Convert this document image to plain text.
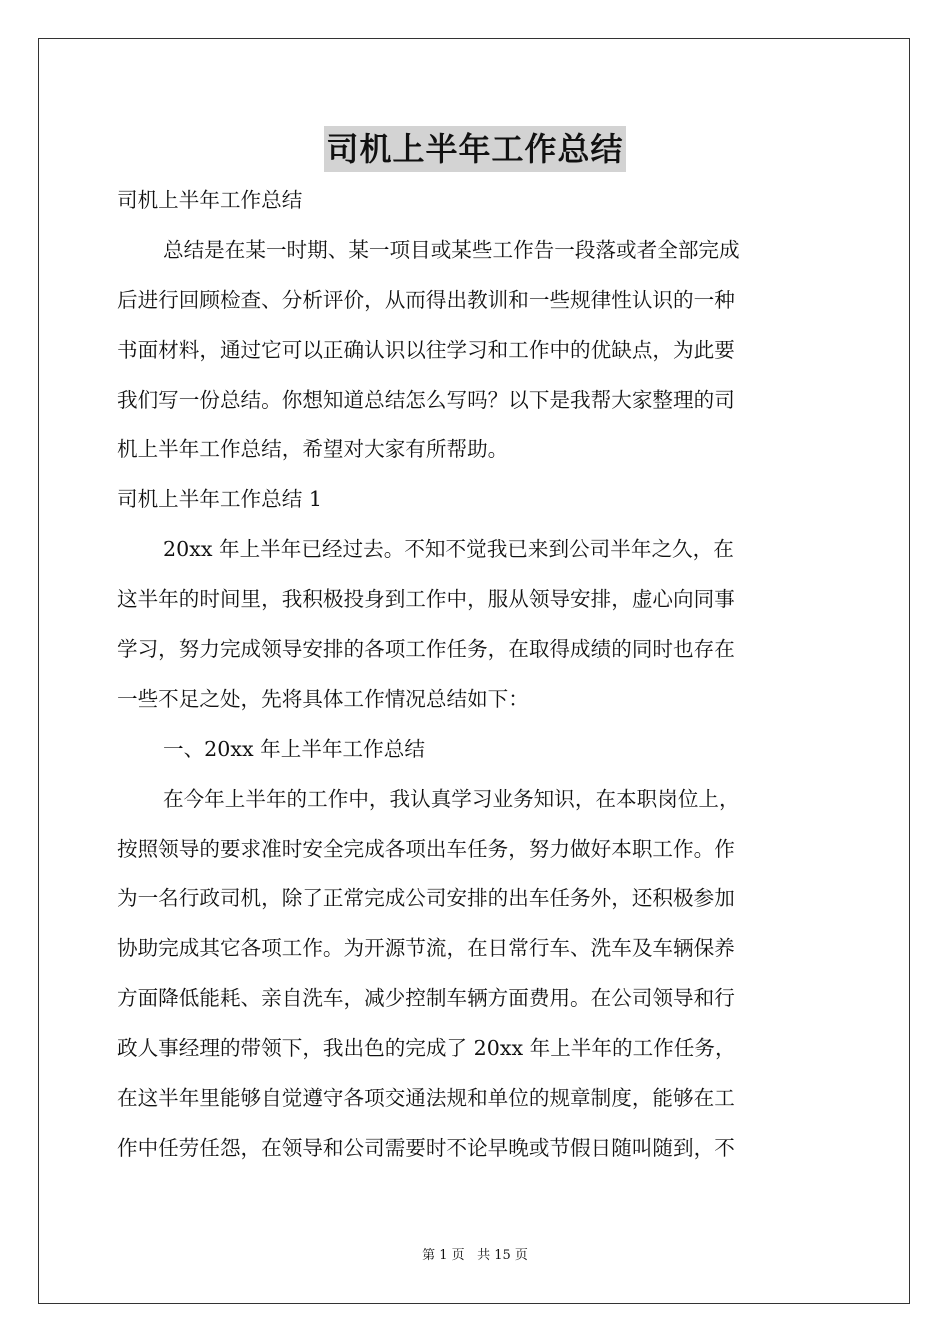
司机上半年工作总结
司机上半年工作总结
总结是在某一时期、某一项目或某些工作告一段落或者全部完成
后进行回顾检查、分析评价，从而得出教训和一些规律性认识的一种
书面材料，通过它可以正确认识以往学习和工作中的优缺点，为此要
我们写一份总结。你想知道总结怎么写吗？以下是我帮大家整理的司
机上半年工作总结，希望对大家有所帮助。
司机上半年工作总结 1
20xx 年上半年已经过去。不知不觉我已来到公司半年之久，在
这半年的时间里，我积极投身到工作中，服从领导安排，虚心向同事
学习，努力完成领导安排的各项工作任务，在取得成绩的同时也存在
一些不足之处，先将具体工作情况总结如下：
一、20xx 年上半年工作总结
在今年上半年的工作中，我认真学习业务知识，在本职岗位上，
按照领导的要求准时安全完成各项出车任务，努力做好本职工作。作
为一名行政司机，除了正常完成公司安排的出车任务外，还积极参加
协助完成其它各项工作。为开源节流，在日常行车、洗车及车辆保养
方面降低能耗、亲自洗车，减少控制车辆方面费用。在公司领导和行
政人事经理的带领下，我出色的完成了 20xx 年上半年的工作任务，
在这半年里能够自觉遵守各项交通法规和单位的规章制度，能够在工
作中任劳任怨，在领导和公司需要时不论早晚或节假日随叫随到，不
第 1 页 共 15 页
